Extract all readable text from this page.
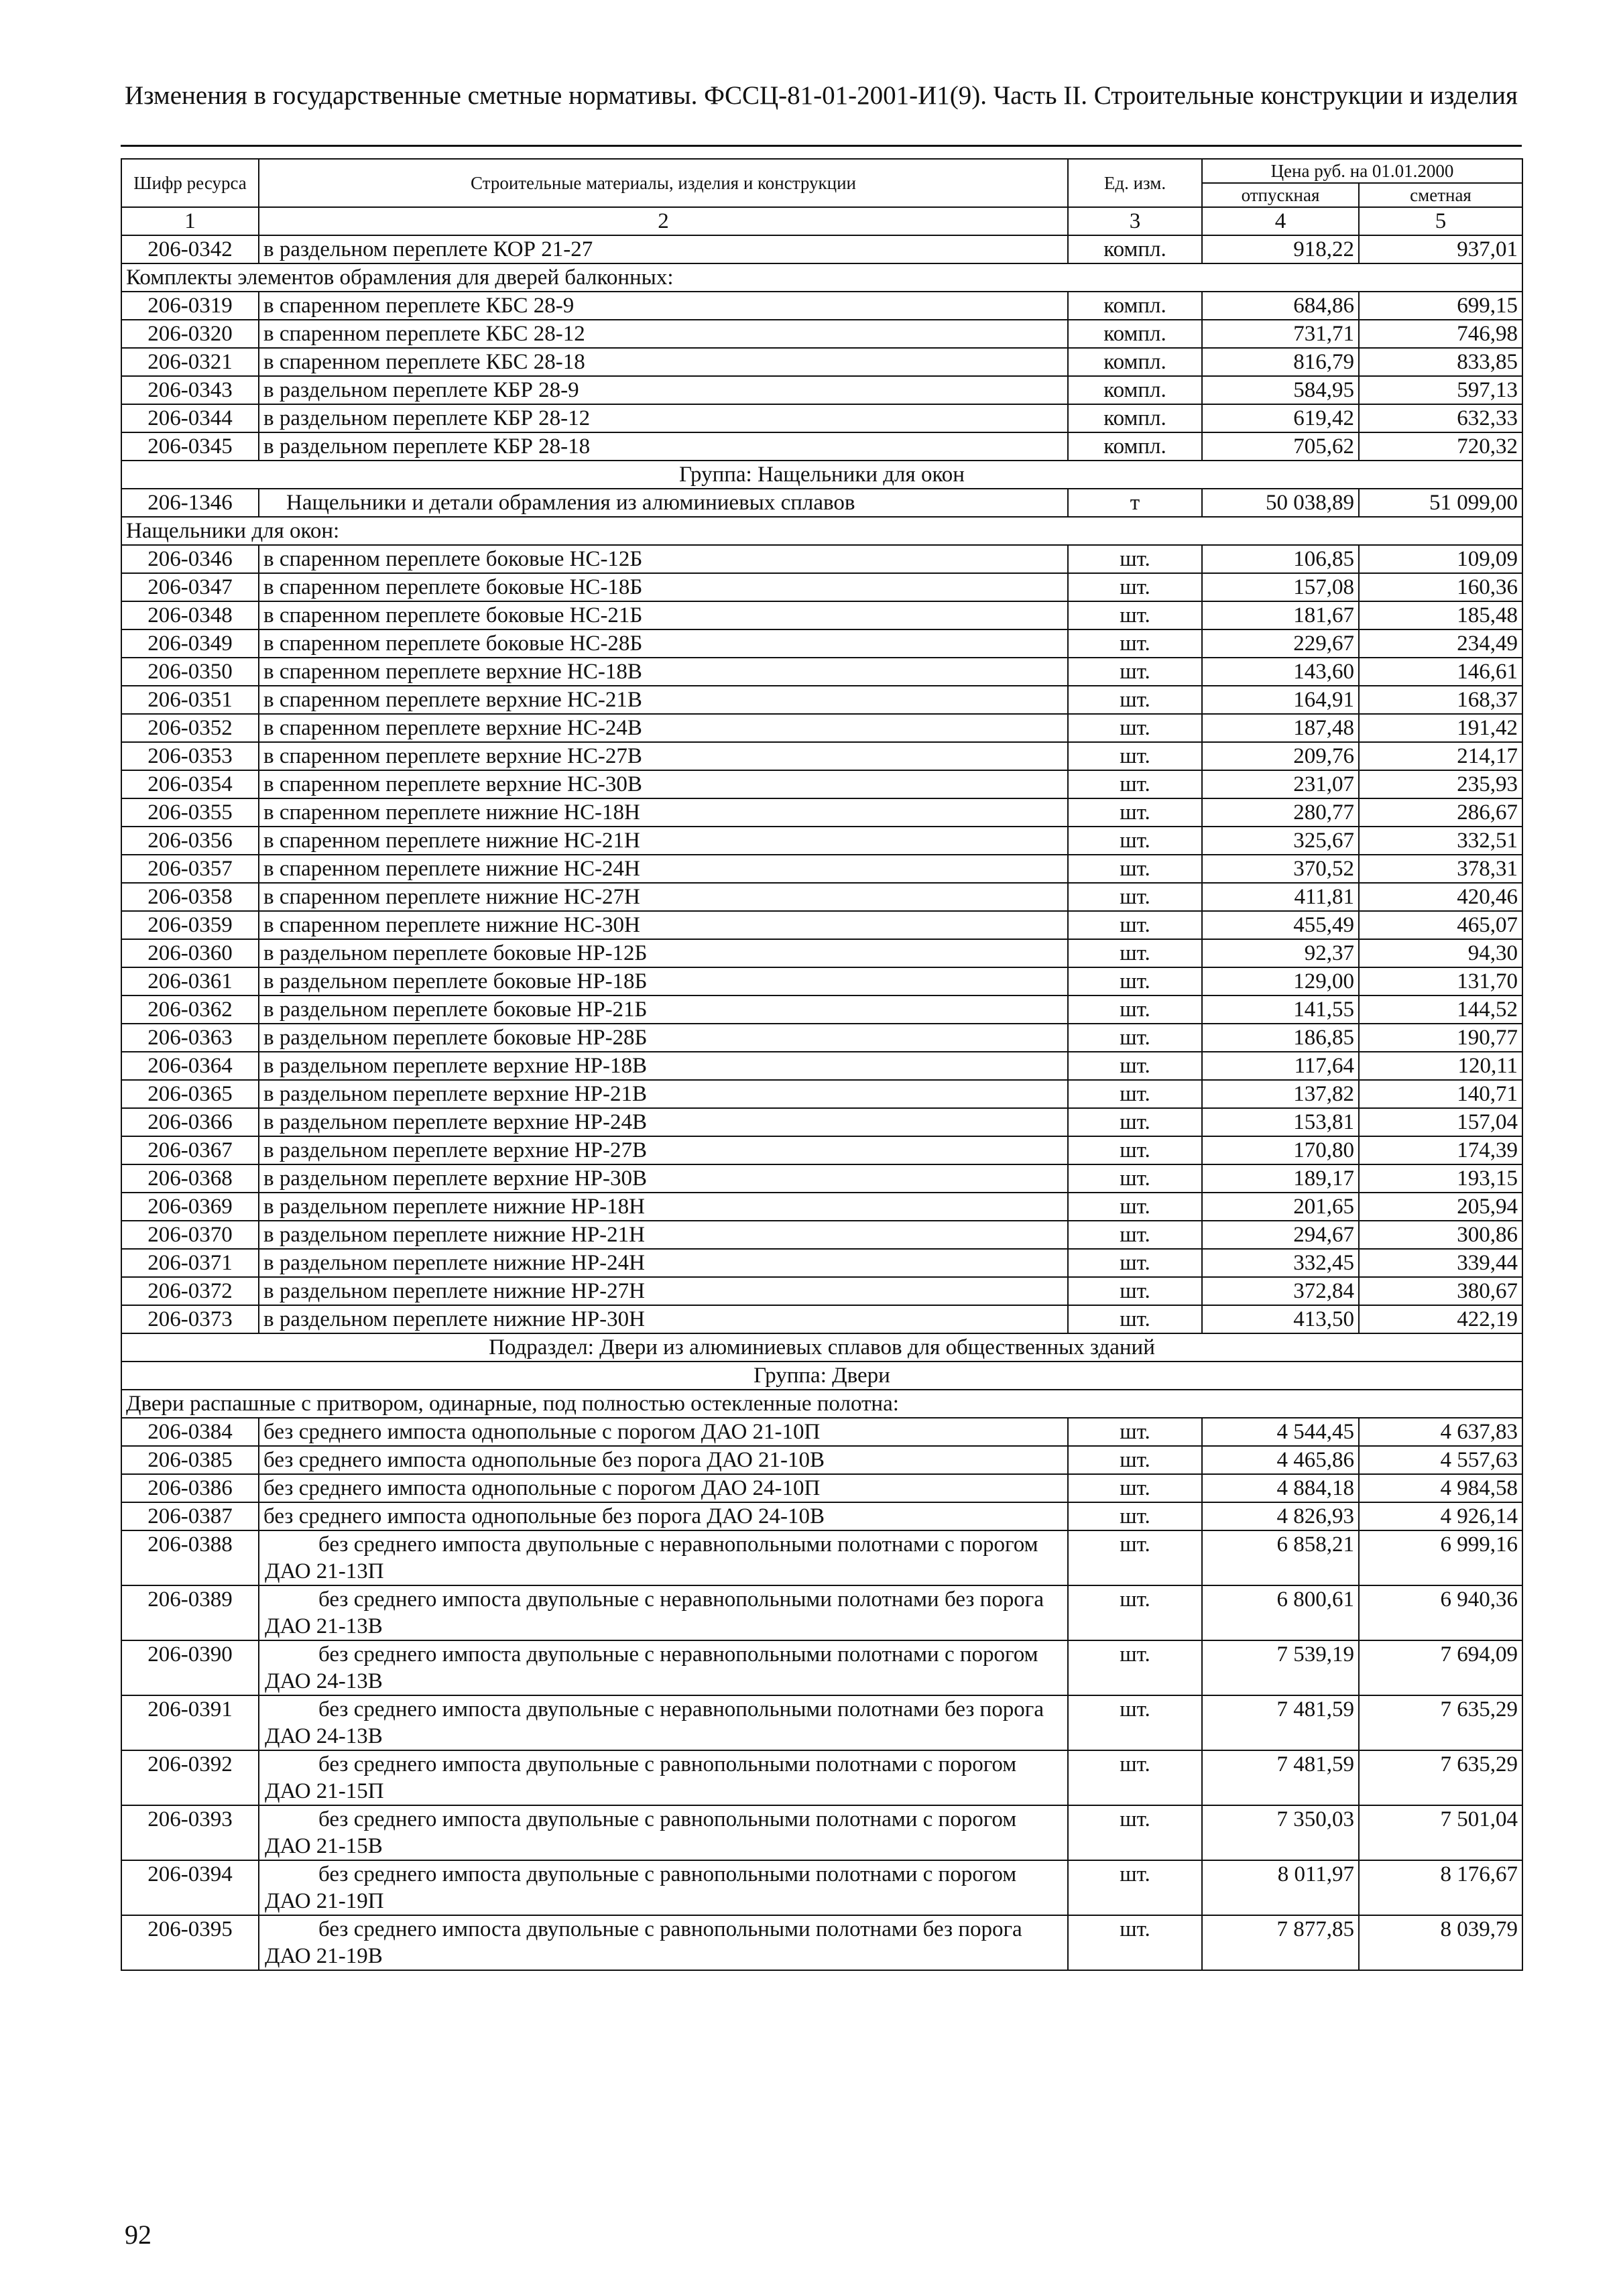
Изменения в государственные сметные нормативы. ФССЦ-81-01-2001-И1(9). Часть II. Строительные конструкции и изделия
Шифр ресурса	Строительные материалы, изделия и конструкции	Ед. изм.	Цена руб. на 01.01.2000	
			отпускная	сметная
1	2	3	4	5
206-0342	в раздельном переплете КОР 21-27	компл.	918,22	937,01
Комплекты элементов обрамления для дверей балконных:				
206-0319	в спаренном переплете КБС 28-9	компл.	684,86	699,15
206-0320	в спаренном переплете КБС 28-12	компл.	731,71	746,98
206-0321	в спаренном переплете КБС 28-18	компл.	816,79	833,85
206-0343	в раздельном переплете КБР 28-9	компл.	584,95	597,13
206-0344	в раздельном переплете КБР 28-12	компл.	619,42	632,33
206-0345	в раздельном переплете КБР 28-18	компл.	705,62	720,32
Группа: Нащельники для окон				
206-1346	Нащельники и детали обрамления из алюминиевых сплавов	т	50 038,89	51 099,00
Нащельники для окон:				
206-0346	в спаренном переплете боковые НС-12Б	шт.	106,85	109,09
206-0347	в спаренном переплете боковые НС-18Б	шт.	157,08	160,36
206-0348	в спаренном переплете боковые НС-21Б	шт.	181,67	185,48
206-0349	в спаренном переплете боковые НС-28Б	шт.	229,67	234,49
206-0350	в спаренном переплете верхние НС-18В	шт.	143,60	146,61
206-0351	в спаренном переплете верхние НС-21В	шт.	164,91	168,37
206-0352	в спаренном переплете верхние НС-24В	шт.	187,48	191,42
206-0353	в спаренном переплете верхние НС-27В	шт.	209,76	214,17
206-0354	в спаренном переплете верхние НС-30В	шт.	231,07	235,93
206-0355	в спаренном переплете нижние НС-18Н	шт.	280,77	286,67
206-0356	в спаренном переплете нижние НС-21Н	шт.	325,67	332,51
206-0357	в спаренном переплете нижние НС-24Н	шт.	370,52	378,31
206-0358	в спаренном переплете нижние НС-27Н	шт.	411,81	420,46
206-0359	в спаренном переплете нижние НС-30Н	шт.	455,49	465,07
206-0360	в раздельном переплете боковые НР-12Б	шт.	92,37	94,30
206-0361	в раздельном переплете боковые НР-18Б	шт.	129,00	131,70
206-0362	в раздельном переплете боковые НР-21Б	шт.	141,55	144,52
206-0363	в раздельном переплете боковые НР-28Б	шт.	186,85	190,77
206-0364	в раздельном переплете верхние НР-18В	шт.	117,64	120,11
206-0365	в раздельном переплете верхние НР-21В	шт.	137,82	140,71
206-0366	в раздельном переплете верхние НР-24В	шт.	153,81	157,04
206-0367	в раздельном переплете верхние НР-27В	шт.	170,80	174,39
206-0368	в раздельном переплете верхние НР-30В	шт.	189,17	193,15
206-0369	в раздельном переплете нижние НР-18Н	шт.	201,65	205,94
206-0370	в раздельном переплете нижние НР-21Н	шт.	294,67	300,86
206-0371	в раздельном переплете нижние НР-24Н	шт.	332,45	339,44
206-0372	в раздельном переплете нижние НР-27Н	шт.	372,84	380,67
206-0373	в раздельном переплете нижние НР-30Н	шт.	413,50	422,19
Подраздел: Двери из алюминиевых сплавов для общественных зданий				
Группа: Двери				
Двери распашные с притвором, одинарные, под полностью остекленные полотна:				
206-0384	без среднего импоста однопольные с порогом ДАО 21-10П	шт.	4 544,45	4 637,83
206-0385	без среднего импоста однопольные без порога ДАО 21-10В	шт.	4 465,86	4 557,63
206-0386	без среднего импоста однопольные с порогом ДАО 24-10П	шт.	4 884,18	4 984,58
206-0387	без среднего импоста однопольные без порога ДАО 24-10В	шт.	4 826,93	4 926,14
206-0388	без среднего импоста двупольные с неравнопольными полотнами с порогом ДАО 21-13П	шт.	6 858,21	6 999,16
206-0389	без среднего импоста двупольные с неравнопольными полотнами без порога ДАО 21-13В	шт.	6 800,61	6 940,36
206-0390	без среднего импоста двупольные с неравнопольными полотнами с порогом ДАО 24-13В	шт.	7 539,19	7 694,09
206-0391	без среднего импоста двупольные с неравнопольными полотнами без порога ДАО 24-13В	шт.	7 481,59	7 635,29
206-0392	без среднего импоста двупольные с равнопольными полотнами с порогом ДАО 21-15П	шт.	7 481,59	7 635,29
206-0393	без среднего импоста двупольные с равнопольными полотнами с порогом ДАО 21-15В	шт.	7 350,03	7 501,04
206-0394	без среднего импоста двупольные с равнопольными полотнами с порогом ДАО 21-19П	шт.	8 011,97	8 176,67
206-0395	без среднего импоста двупольные с равнопольными полотнами без порога ДАО 21-19В	шт.	7 877,85	8 039,79
92
